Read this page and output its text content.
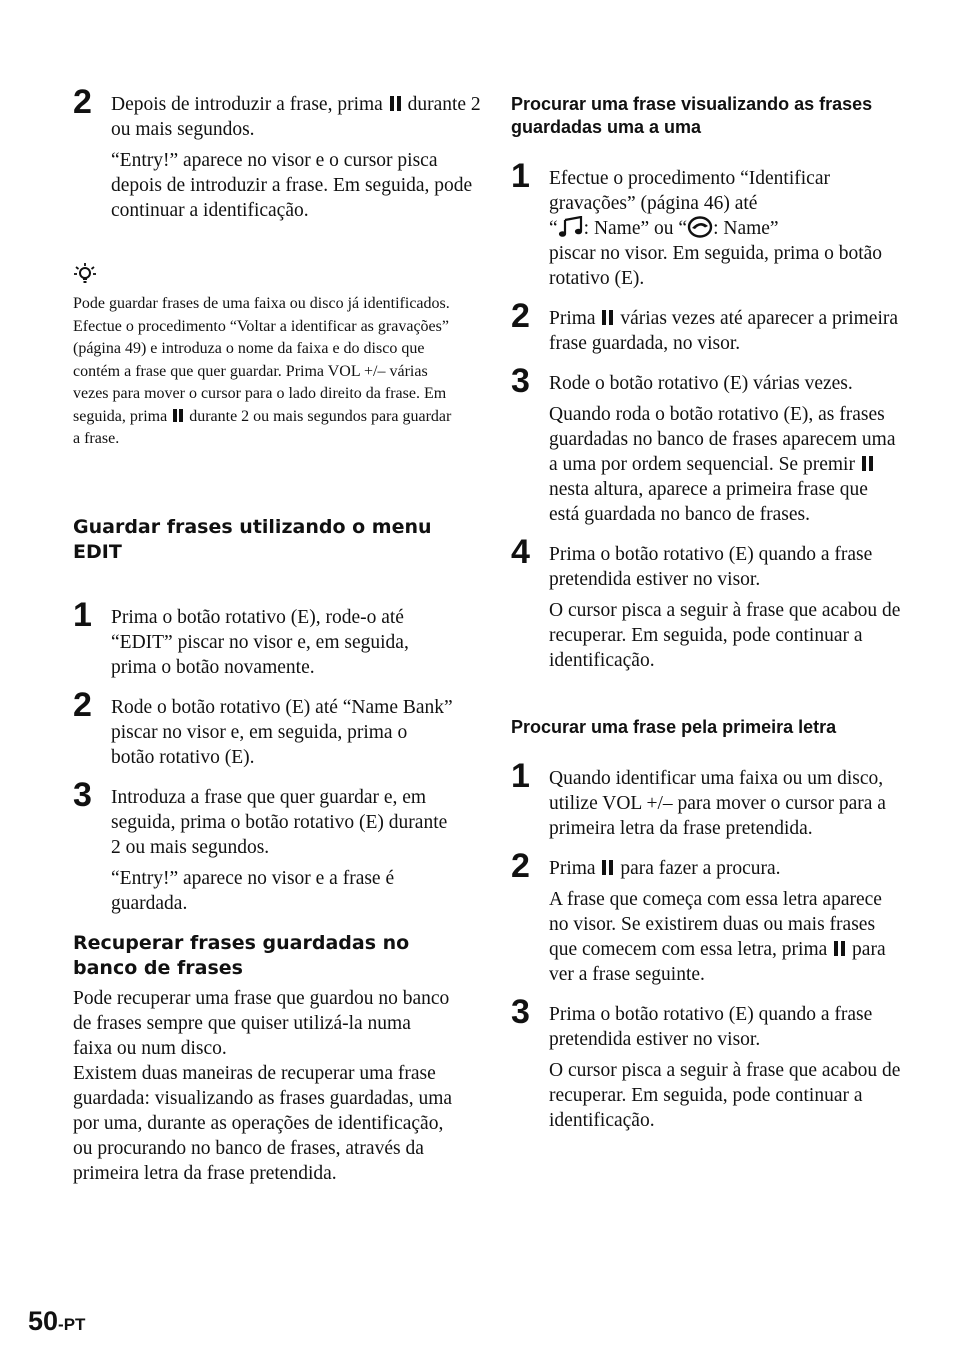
2 Depois de introduzir a frase, prima durante 2 ou mais segundos.

“Entry!” aparece no visor e o cursor pisca depois de introduzir a frase. Em seguida, pode continuar a identificação.

Pode guardar frases de uma faixa ou disco já identificados.

Efectue o procedimento “Voltar a identificar as gravações” (página 49) e introduza o nome da faixa e do disco que contém a frase que quer guardar. Prima VOL +/– várias vezes para mover o cursor para o lado direito da frase. Em seguida, prima durante 2 ou mais segundos para guardar a frase.

Guardar frases utilizando o menu EDIT
1 Prima o botão rotativo (E), rode-o até “EDIT” piscar no visor e, em seguida, prima o botão novamente.

2 Rode o botão rotativo (E) até “Name Bank” piscar no visor e, em seguida, prima o botão rotativo (E).

3 Introduza a frase que quer guardar e, em seguida, prima o botão rotativo (E) durante 2 ou mais segundos.

“Entry!” aparece no visor e a frase é guardada.

Recuperar frases guardadas no banco de frases

Pode recuperar uma frase que guardou no banco de frases sempre que quiser utilizá-la numa faixa ou num disco.

Existem duas maneiras de recuperar uma frase guardada: visualizando as frases guardadas, uma por uma, durante as operações de identificação, ou procurando no banco de frases, através da primeira letra da frase pretendida.

Procurar uma frase visualizando as frases guardadas uma a uma
1 Efectue o procedimento “Identificar gravações” (página 46) até
“ : Name” ou “ : Name”
piscar no visor. Em seguida, prima o botão rotativo (E).

2 Prima várias vezes até aparecer a primeira frase guardada, no visor.

3 Rode o botão rotativo (E) várias vezes.

Quando roda o botão rotativo (E), as frases guardadas no banco de frases aparecem uma a uma por ordem sequencial. Se premir  nesta altura, aparece a primeira frase que está guardada no banco de frases.

4 Prima o botão rotativo (E) quando a frase pretendida estiver no visor.

O cursor pisca a seguir à frase que acabou de recuperar. Em seguida, pode continuar a identificação.

Procurar uma frase pela primeira letra
1 Quando identificar uma faixa ou um disco, utilize VOL +/– para mover o cursor para a primeira letra da frase pretendida.

2 Prima para fazer a procura.

A frase que começa com essa letra aparece no visor. Se existirem duas ou mais frases que comecem com essa letra, prima para ver a frase seguinte.

3 Prima o botão rotativo (E) quando a frase pretendida estiver no visor.

O cursor pisca a seguir à frase que acabou de recuperar. Em seguida, pode continuar a identificação.

50-PT
